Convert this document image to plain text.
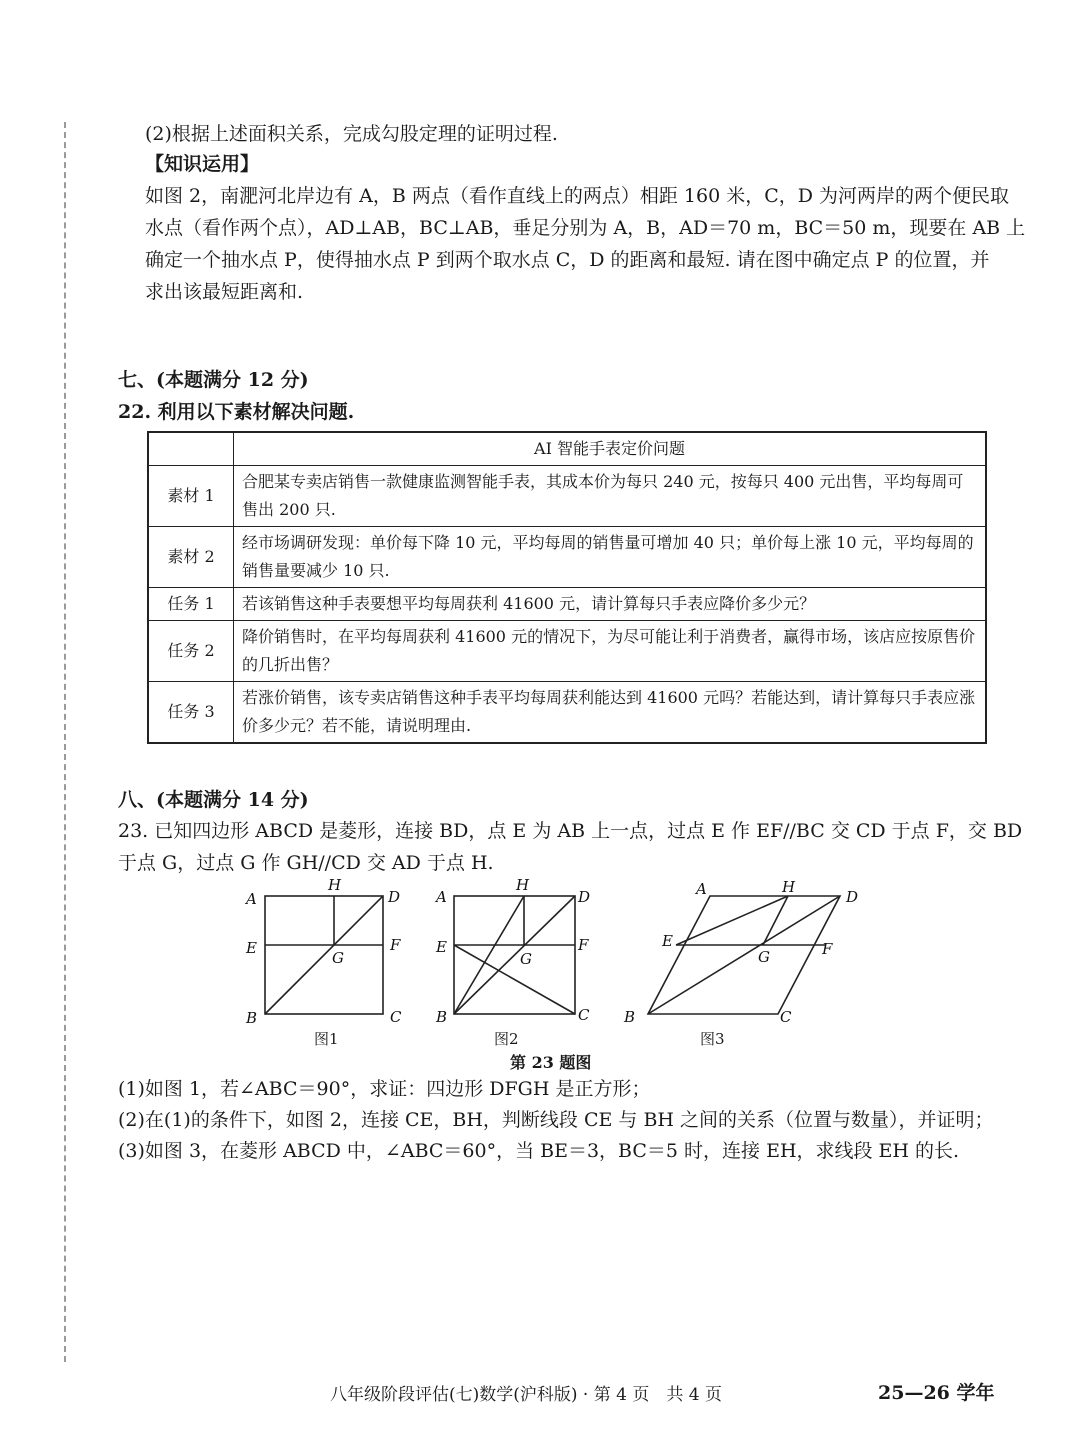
(2)根据上述面积关系，完成勾股定理的证明过程.
【知识运用】
如图 2，南淝河北岸边有 A，B 两点（看作直线上的两点）相距 160 米，C，D 为河两岸的两个便民取
水点（看作两个点），AD⊥AB，BC⊥AB，垂足分别为 A，B，AD＝70 m，BC＝50 m，现要在 AB 上
确定一个抽水点 P，使得抽水点 P 到两个取水点 C，D 的距离和最短. 请在图中确定点 P 的位置，并
求出该最短距离和.
七、(本题满分 12 分)
22. 利用以下素材解决问题.
	AI 智能手表定价问题
素材 1	合肥某专卖店销售一款健康监测智能手表，其成本价为每只 240 元，按每只 400 元出售，平均每周可售出 200 只.
素材 2	经市场调研发现：单价每下降 10 元，平均每周的销售量可增加 40 只；单价每上涨 10 元，平均每周的销售量要减少 10 只.
任务 1	若该销售这种手表要想平均每周获利 41600 元，请计算每只手表应降价多少元？
任务 2	降价销售时，在平均每周获利 41600 元的情况下，为尽可能让利于消费者，赢得市场，该店应按原售价的几折出售？
任务 3	若涨价销售，该专卖店销售这种手表平均每周获利能达到 41600 元吗？若能达到，请计算每只手表应涨价多少元？若不能，请说明理由.
八、(本题满分 14 分)
23. 已知四边形 ABCD 是菱形，连接 BD，点 E 为 AB 上一点，过点 E 作 EF//BC 交 CD 于点 F，交 BD
于点 G，过点 G 作 GH//CD 交 AD 于点 H.
A
H
D
E	F
G
B	C
图1
A
H
D
E	F
G
B	C
图2
A	H
D
E	F
G
B	C
图3
第 23 题图
(1)如图 1，若∠ABC＝90°，求证：四边形 DFGH 是正方形；
(2)在(1)的条件下，如图 2，连接 CE，BH，判断线段 CE 与 BH 之间的关系（位置与数量），并证明；
(3)如图 3，在菱形 ABCD 中，∠ABC＝60°，当 BE＝3，BC＝5 时，连接 EH，求线段 EH 的长.
八年级阶段评估(七)数学(沪科版) · 第 4 页　共 4 页	25—26 学年
